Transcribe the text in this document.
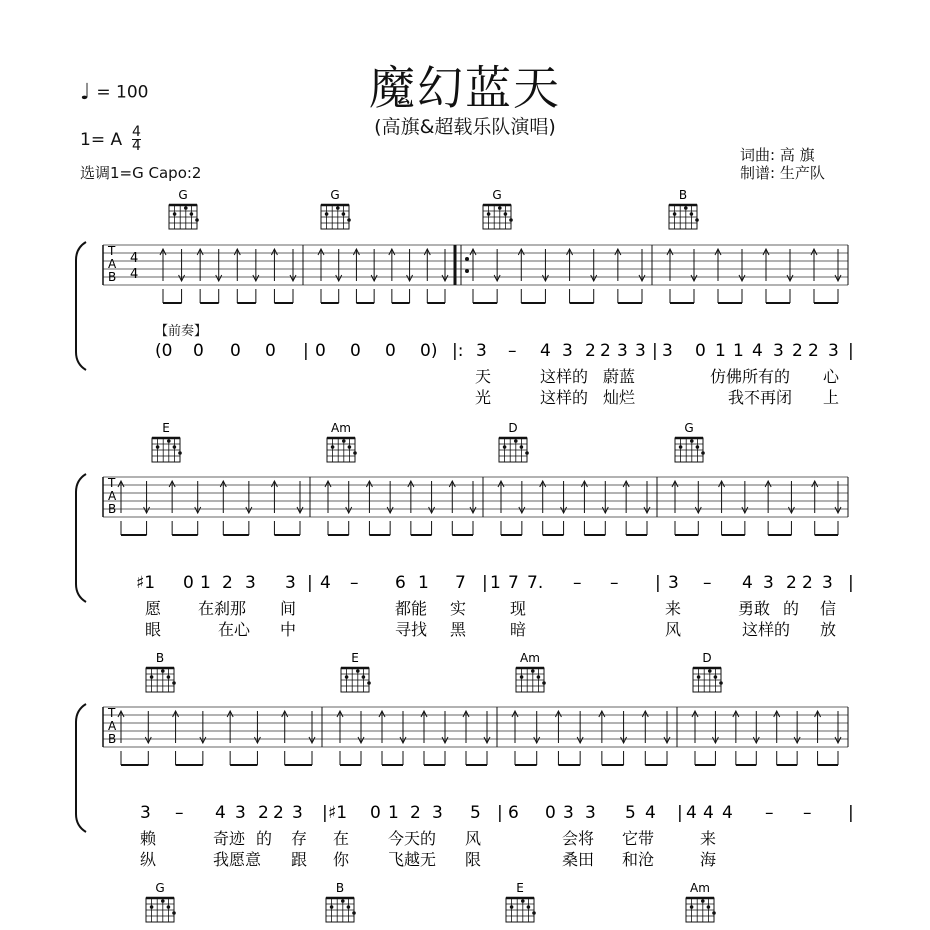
魔幻蓝天
(高旗&超载乐队演唱)
♩ = 100
1= A 4
4
选调1=G Capo:2
词曲: 高 旗
制谱: 生产队
【前奏】
G	G	G	B
T
A
B
4
4
(0 0 0 0 | 0 0 0 0) |: 3 – 4 3 2 2 3 3 | 3 0 1 1 4 3 2 2 3 |
天	这样的 蔚蓝	仿佛所有的 心
光	这样的 灿烂	我不再闭 上
E	Am	D	G
T
A
B
♯1 0 1 2 3 3 | 4 – 6 1 7 | 1 7 7. – – | 3 – 4 3 2 2 3 |
愿 在刹那 间	都能 实	现	来	勇敢 的 信
眼	在心 中	寻找 黑	暗	风	这样的 放
B	E	Am	D
T
A
B
3 – 4 3 2 2 3 | ♯1 0 1 2 3 5 | 6 0 3 3 5 4 | 4 4 4 – – |
赖	奇迹 的 存 在 今天的 风	会将 它带	来
纵	我愿意 跟 你 飞越无 限	桑田 和沧	海
G	B	E	Am
